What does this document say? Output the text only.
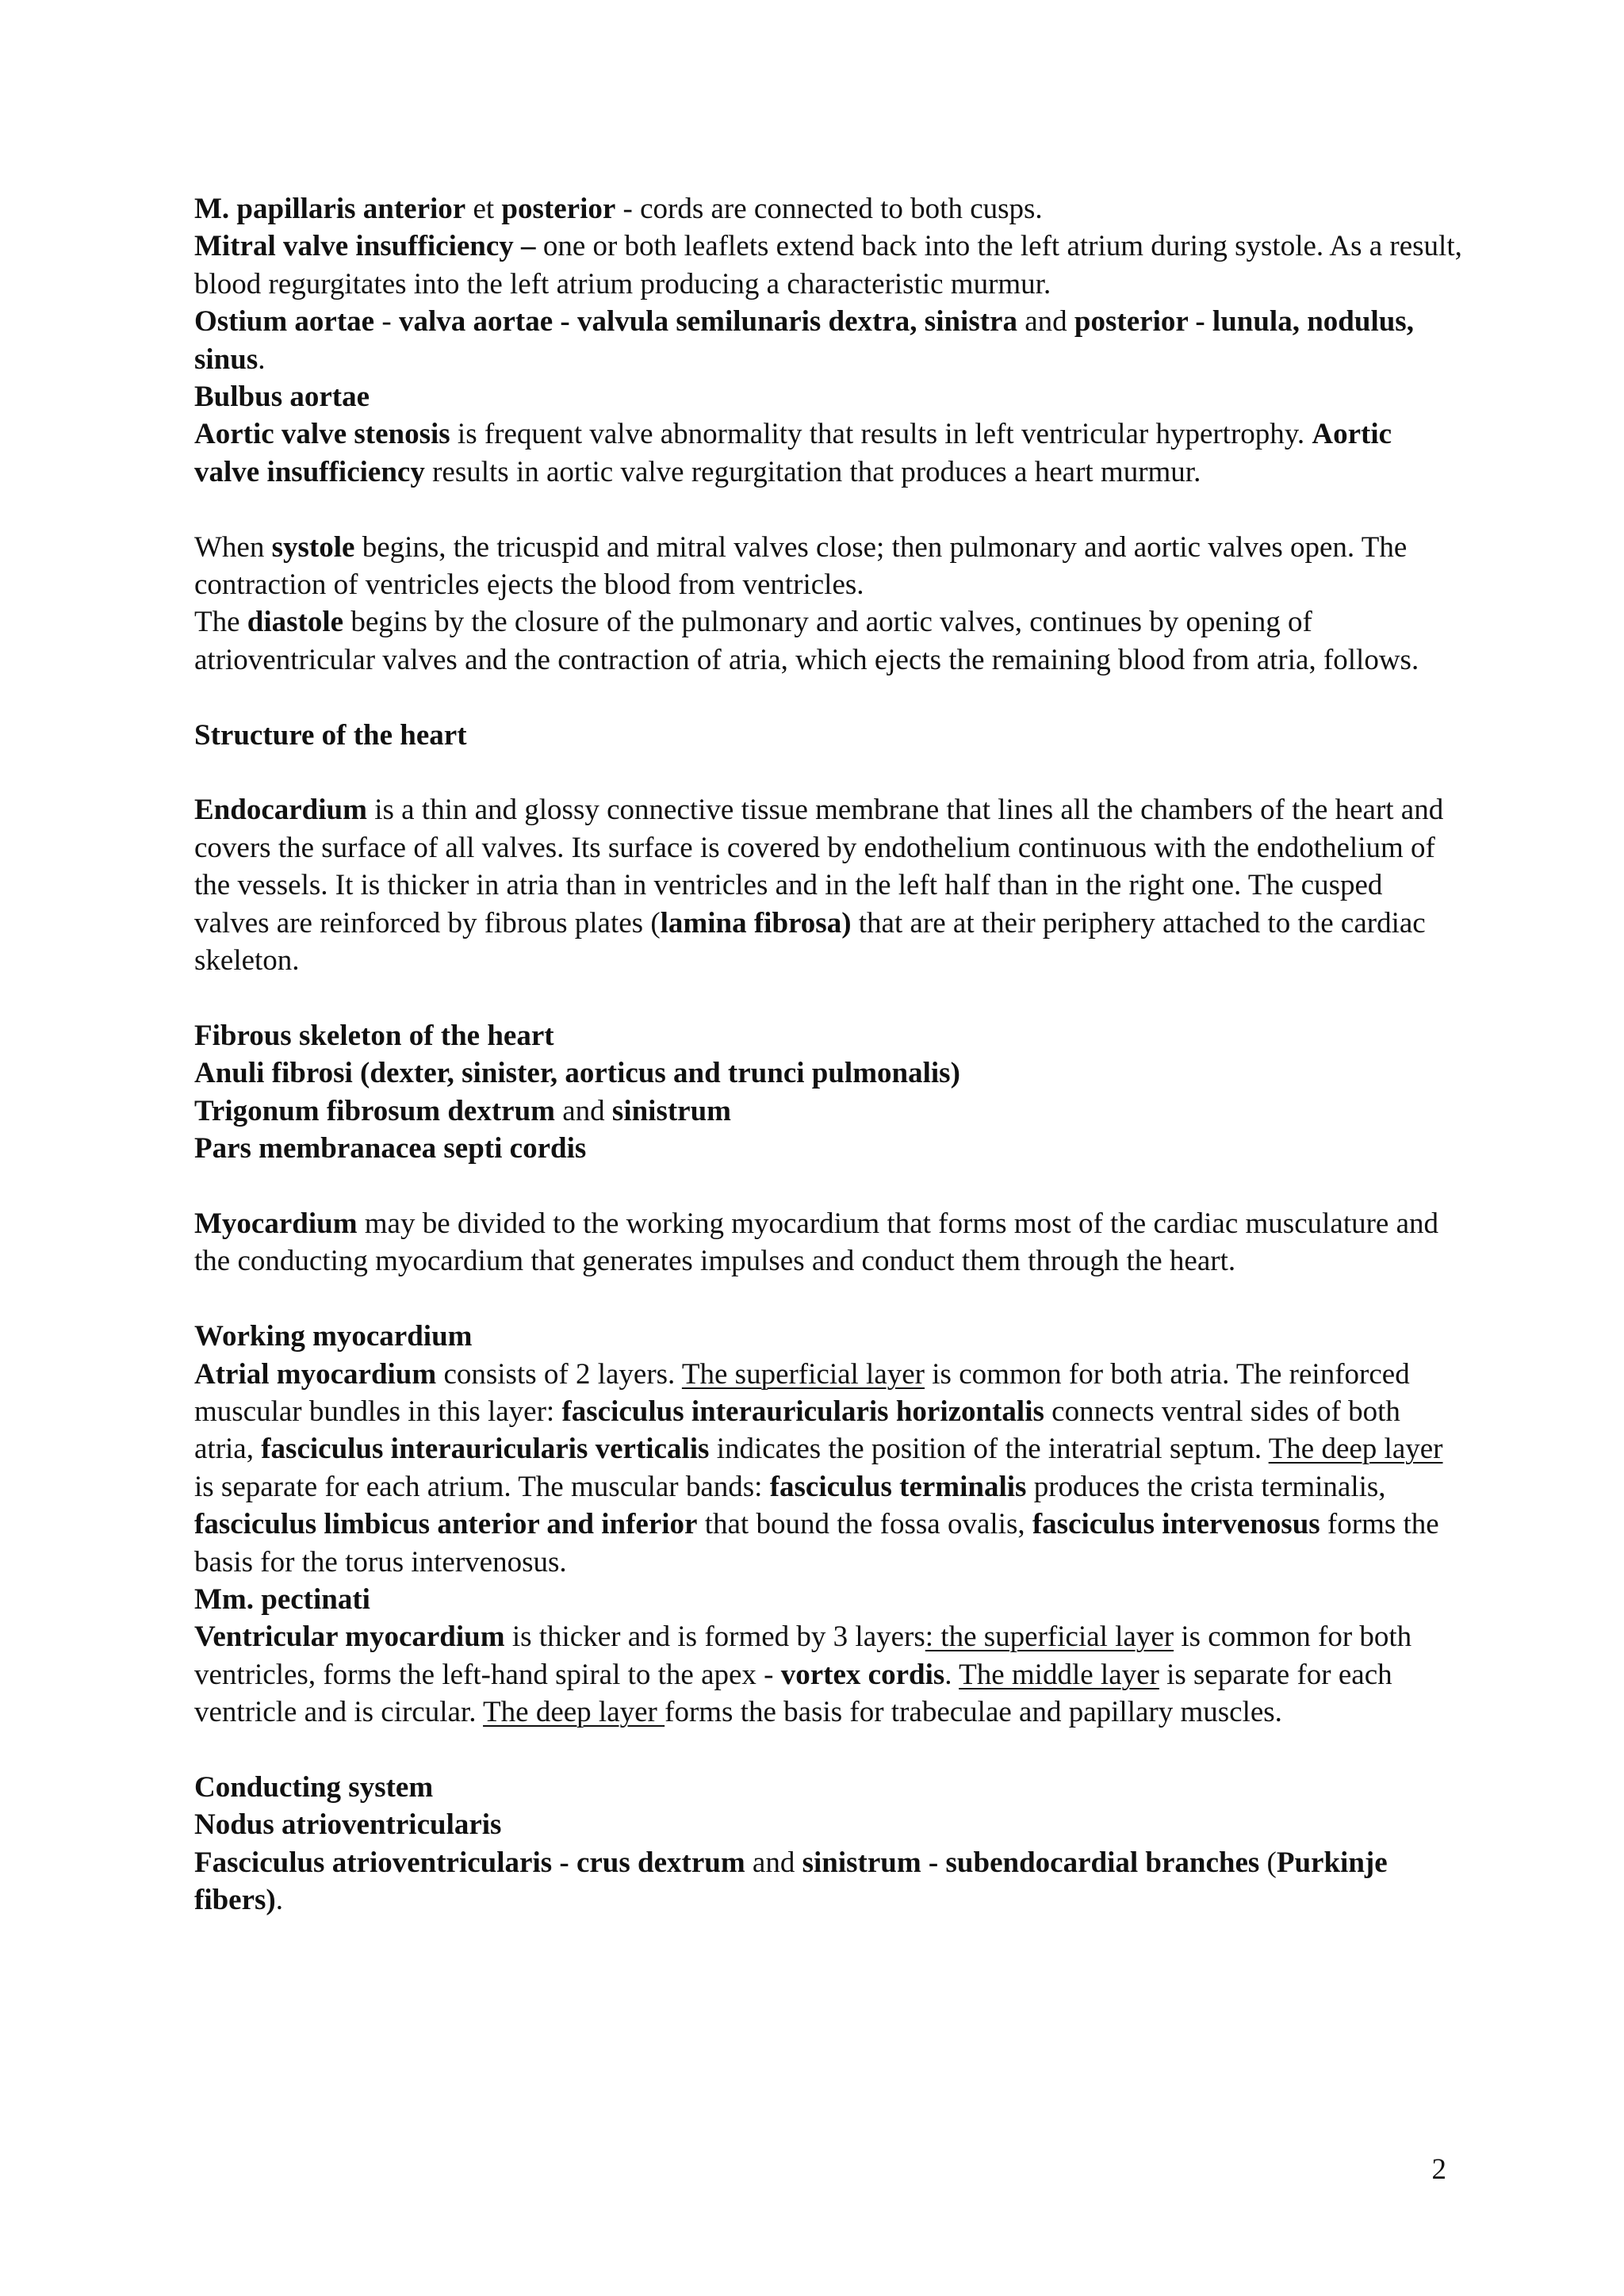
M. papillaris anterior et posterior - cords are connected to both cusps.

Mitral valve insufficiency – one or both leaflets extend back into the left atrium during systole. As a result, blood regurgitates into the left atrium producing a characteristic murmur.

Ostium aortae - valva aortae - valvula semilunaris dextra, sinistra and posterior - lunula, nodulus, sinus.

Bulbus aortae

Aortic valve stenosis is frequent valve abnormality that results in left ventricular hypertrophy. Aortic valve insufficiency results in aortic valve regurgitation that produces a heart murmur.

When systole begins, the tricuspid and mitral valves close; then pulmonary and aortic valves open. The contraction of ventricles ejects the blood from ventricles.

The diastole begins by the closure of the pulmonary and aortic valves, continues by opening of atrioventricular valves and the contraction of atria, which ejects the remaining blood from atria, follows.

Structure of the heart

Endocardium is a thin and glossy connective tissue membrane that lines all the chambers of the heart and covers the surface of all valves. Its surface is covered by endothelium continuous with the endothelium of the vessels. It is thicker in atria than in ventricles and in the left half than in the right one. The cusped valves are reinforced by fibrous plates (lamina fibrosa) that are at their periphery attached to the cardiac skeleton.

Fibrous skeleton of the heart

Anuli fibrosi (dexter, sinister, aorticus and trunci pulmonalis)

Trigonum fibrosum dextrum and sinistrum

Pars membranacea septi cordis

Myocardium may be divided to the working myocardium that forms most of the cardiac musculature and the conducting myocardium that generates impulses and conduct them through the heart.

Working myocardium

Atrial myocardium consists of 2 layers. The superficial layer is common for both atria. The reinforced muscular bundles in this layer: fasciculus interauricularis horizontalis connects ventral sides of both atria, fasciculus interauricularis verticalis indicates the position of the interatrial septum. The deep layer is separate for each atrium. The muscular bands: fasciculus terminalis produces the crista terminalis, fasciculus limbicus anterior and inferior that bound the fossa ovalis, fasciculus intervenosus forms the basis for the torus intervenosus.

Mm. pectinati

Ventricular myocardium is thicker and is formed by 3 layers: the superficial layer is common for both ventricles, forms the left-hand spiral to the apex - vortex cordis. The middle layer is separate for each ventricle and is circular. The deep layer forms the basis for trabeculae and papillary muscles.

Conducting system

Nodus atrioventricularis

Fasciculus atrioventricularis - crus dextrum and sinistrum - subendocardial branches (Purkinje fibers).

2
